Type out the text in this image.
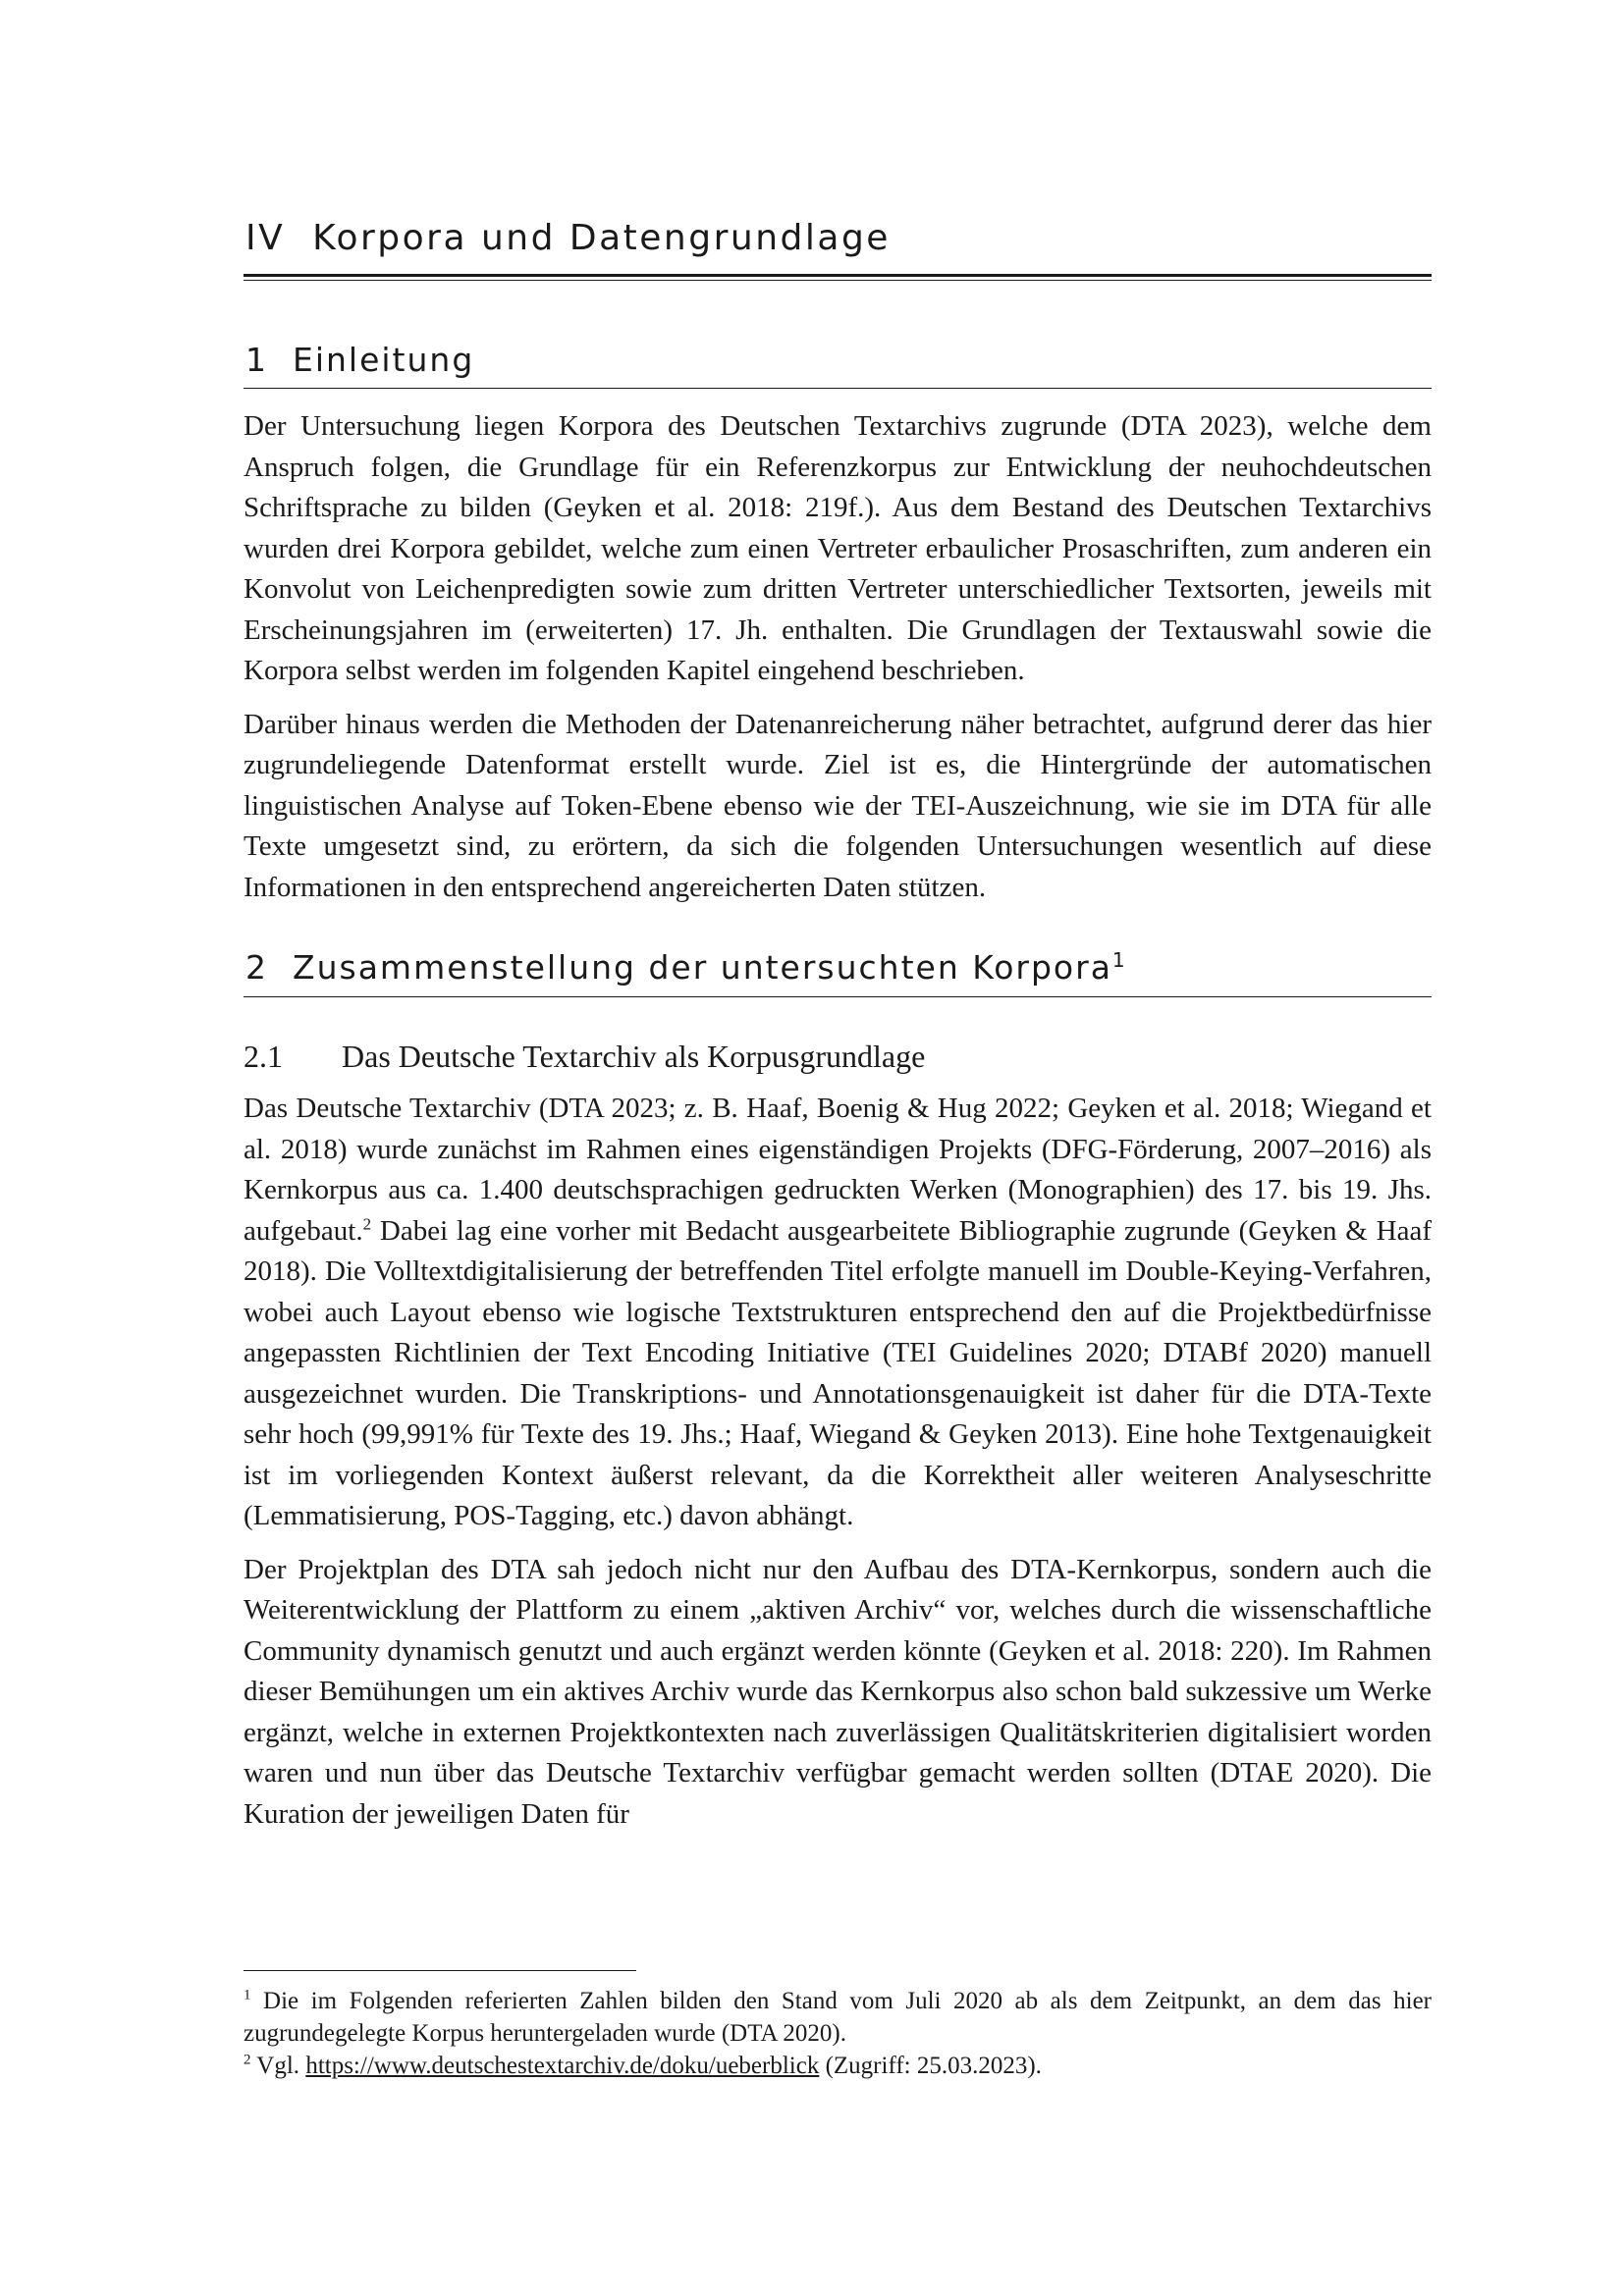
IV Korpora und Datengrundlage
1 Einleitung

Der Untersuchung liegen Korpora des Deutschen Textarchivs zugrunde (DTA 2023), welche dem Anspruch folgen, die Grundlage für ein Referenzkorpus zur Entwicklung der neuhochdeutschen Schriftsprache zu bilden (Geyken et al. 2018: 219f.). Aus dem Bestand des Deutschen Textarchivs wurden drei Korpora gebildet, welche zum einen Vertreter erbaulicher Prosaschriften, zum anderen ein Konvolut von Leichenpredigten sowie zum dritten Vertreter unterschiedlicher Textsorten, jeweils mit Erscheinungsjahren im (erweiterten) 17. Jh. enthalten. Die Grundlagen der Textauswahl sowie die Korpora selbst werden im folgenden Kapitel eingehend beschrieben.

Darüber hinaus werden die Methoden der Datenanreicherung näher betrachtet, aufgrund derer das hier zugrundeliegende Datenformat erstellt wurde. Ziel ist es, die Hintergründe der automatischen linguistischen Analyse auf Token-Ebene ebenso wie der TEI-Auszeichnung, wie sie im DTA für alle Texte umgesetzt sind, zu erörtern, da sich die folgenden Untersuchungen wesentlich auf diese Informationen in den entsprechend angereicherten Daten stützen.

2 Zusammenstellung der untersuchten Korpora$^1$
2.1 Das Deutsche Textarchiv als Korpusgrundlage

Das Deutsche Textarchiv (DTA 2023; z. B. Haaf, Boenig & Hug 2022; Geyken et al. 2018; Wiegand et al. 2018) wurde zunächst im Rahmen eines eigenständigen Projekts (DFG-Förderung, 2007–2016) als Kernkorpus aus ca. 1.400 deutschsprachigen gedruckten Werken (Monographien) des 17. bis 19. Jhs. aufgebaut.$^2$ Dabei lag eine vorher mit Bedacht ausgearbeitete Bibliographie zugrunde (Geyken & Haaf 2018). Die Volltextdigitalisierung der betreffenden Titel erfolgte manuell im Double-Keying-Verfahren, wobei auch Layout ebenso wie logische Textstrukturen entsprechend den auf die Projektbedürfnisse angepassten Richtlinien der Text Encoding Initiative (TEI Guidelines 2020; DTABf 2020) manuell ausgezeichnet wurden. Die Transkriptions- und Annotationsgenauigkeit ist daher für die DTA-Texte sehr hoch (99,991% für Texte des 19. Jhs.; Haaf, Wiegand & Geyken 2013). Eine hohe Textgenauigkeit ist im vorliegenden Kontext äußerst relevant, da die Korrektheit aller weiteren Analyseschritte (Lemmatisierung, POS-Tagging, etc.) davon abhängt.

Der Projektplan des DTA sah jedoch nicht nur den Aufbau des DTA-Kernkorpus, sondern auch die Weiterentwicklung der Plattform zu einem „aktiven Archiv“ vor, welches durch die wissenschaftliche Community dynamisch genutzt und auch ergänzt werden könnte (Geyken et al. 2018: 220). Im Rahmen dieser Bemühungen um ein aktives Archiv wurde das Kernkorpus also schon bald sukzessive um Werke ergänzt, welche in externen Projektkontexten nach zuverlässigen Qualitätskriterien digitalisiert worden waren und nun über das Deutsche Textarchiv verfügbar gemacht werden sollten (DTAE 2020). Die Kuration der jeweiligen Daten für

$^1$ Die im Folgenden referierten Zahlen bilden den Stand vom Juli 2020 ab als dem Zeitpunkt, an dem das hier zugrundegelegte Korpus heruntergeladen wurde (DTA 2020).

$^2$ Vgl. https://www.deutschestextarchiv.de/doku/ueberblick (Zugriff: 25.03.2023).
